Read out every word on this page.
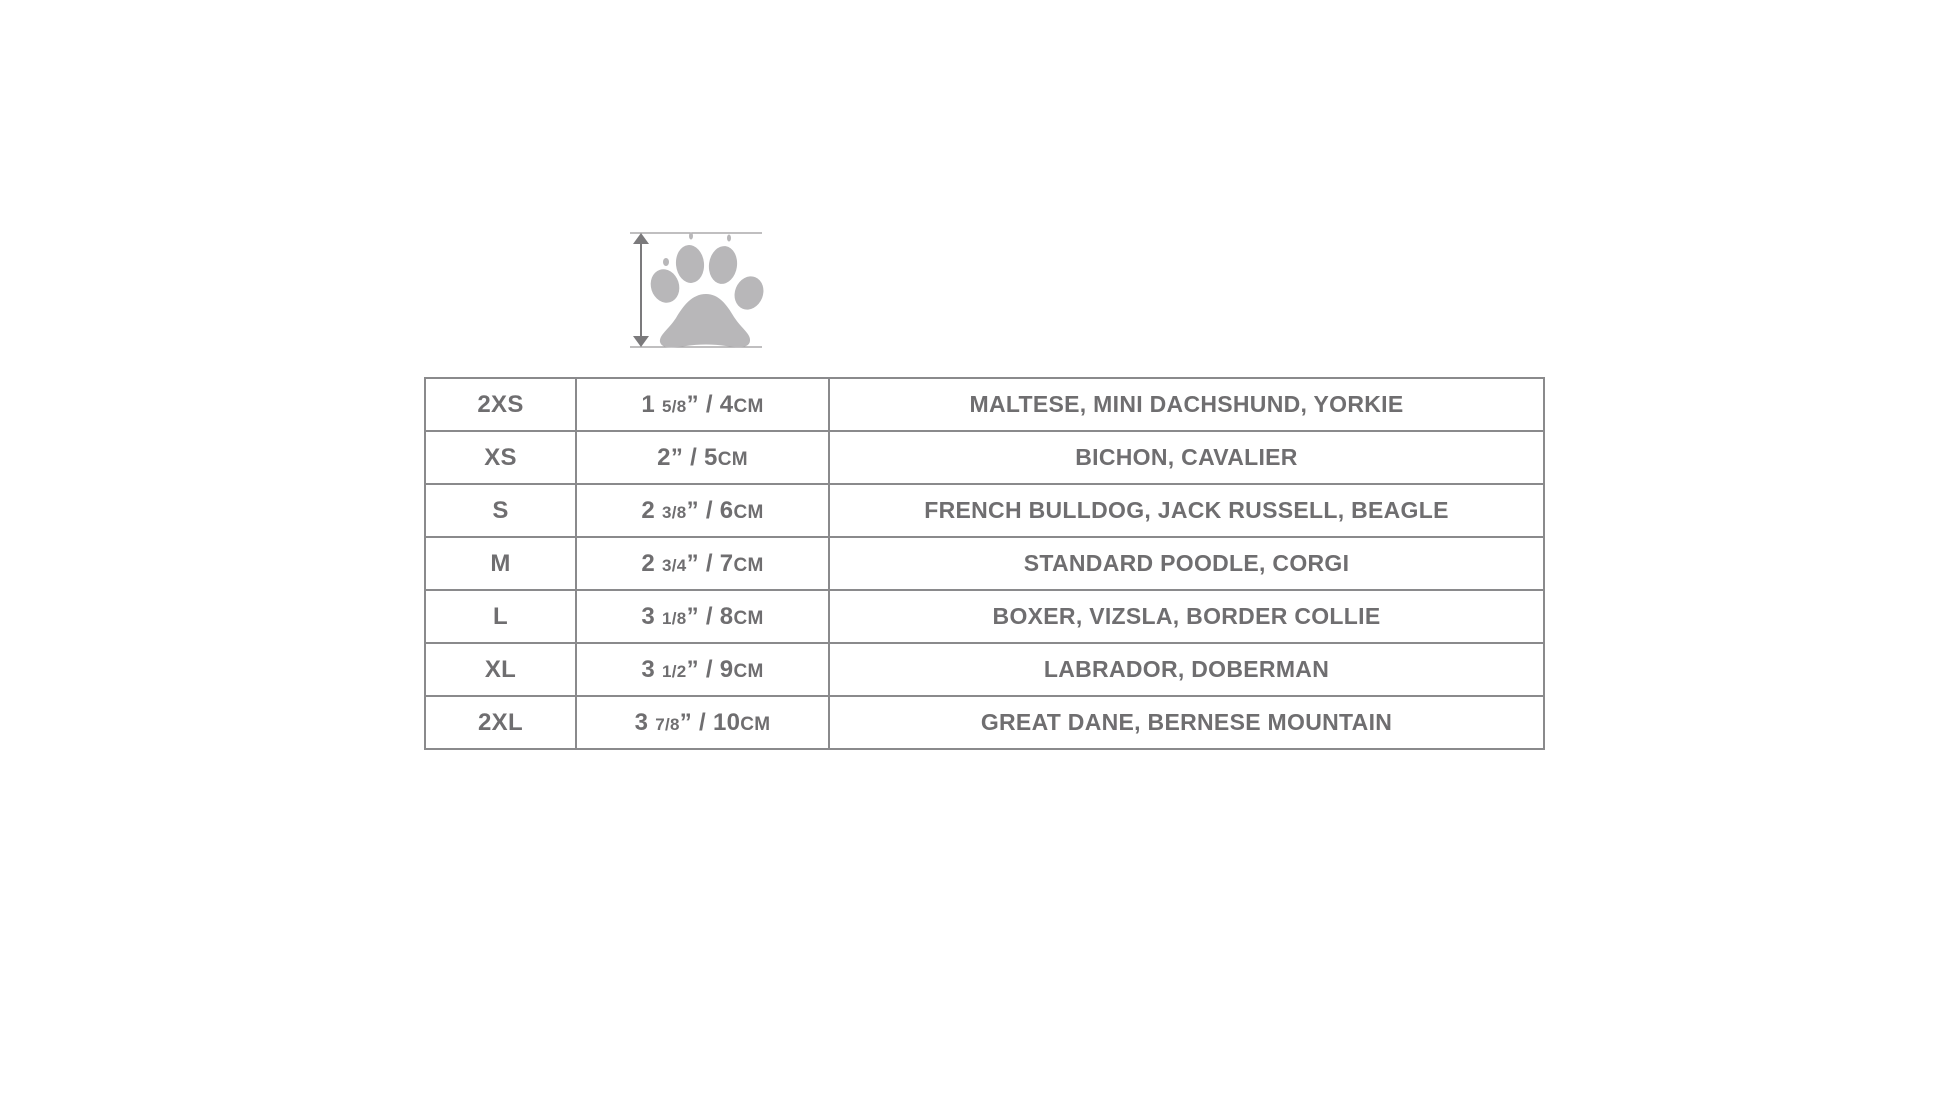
2XS	1 5/8” / 4CM	MALTESE, MINI DACHSHUND, YORKIE
XS	2” / 5CM	BICHON, CAVALIER
S	2 3/8” / 6CM	FRENCH BULLDOG, JACK RUSSELL, BEAGLE
M	2 3/4” / 7CM	STANDARD POODLE, CORGI
L	3 1/8” / 8CM	BOXER, VIZSLA, BORDER COLLIE
XL	3 1/2” / 9CM	LABRADOR, DOBERMAN
2XL	3 7/8” / 10CM	GREAT DANE, BERNESE MOUNTAIN
